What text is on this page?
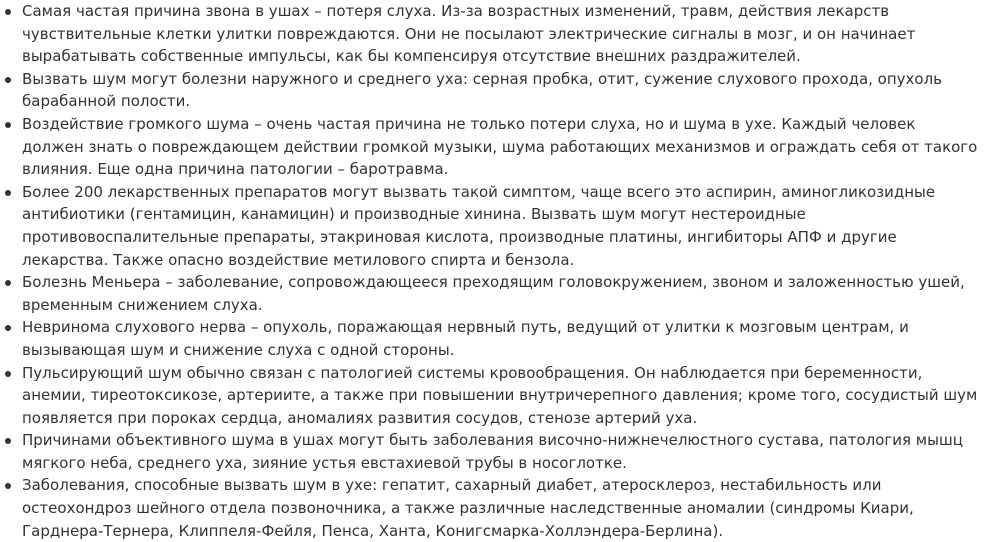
Самая частая причина звона в ушах – потеря слуха. Из-за возрастных изменений, травм, действия лекарств чувствительные клетки улитки повреждаются. Они не посылают электрические сигналы в мозг, и он начинает вырабатывать собственные импульсы, как бы компенсируя отсутствие внешних раздражителей.
Вызвать шум могут болезни наружного и среднего уха: серная пробка, отит, сужение слухового прохода, опухоль барабанной полости.
Воздействие громкого шума – очень частая причина не только потери слуха, но и шума в ухе. Каждый человек должен знать о повреждающем действии громкой музыки, шума работающих механизмов и ограждать себя от такого влияния. Еще одна причина патологии – баротравма.
Более 200 лекарственных препаратов могут вызвать такой симптом, чаще всего это аспирин, аминогликозидные антибиотики (гентамицин, канамицин) и производные хинина. Вызвать шум могут нестероидные противовоспалительные препараты, этакриновая кислота, производные платины, ингибиторы АПФ и другие лекарства. Также опасно воздействие метилового спирта и бензола.
Болезнь Меньера – заболевание, сопровождающееся преходящим головокружением, звоном и заложенностью ушей, временным снижением слуха.
Невринома слухового нерва – опухоль, поражающая нервный путь, ведущий от улитки к мозговым центрам, и вызывающая шум и снижение слуха с одной стороны.
Пульсирующий шум обычно связан с патологией системы кровообращения. Он наблюдается при беременности, анемии, тиреотоксикозе, артериите, а также при повышении внутричерепного давления; кроме того, сосудистый шум появляется при пороках сердца, аномалиях развития сосудов, стенозе артерий уха.
Причинами объективного шума в ушах могут быть заболевания височно-нижнечелюстного сустава, патология мышц мягкого неба, среднего уха, зияние устья евстахиевой трубы в носоглотке.
Заболевания, способные вызвать шум в ухе: гепатит, сахарный диабет, атеросклероз, нестабильность или остеохондроз шейного отдела позвоночника, а также различные наследственные аномалии (синдромы Киари, Гарднера-Тернера, Клиппеля-Фейля, Пенса, Ханта, Конигсмарка-Холлэндера-Берлина).
